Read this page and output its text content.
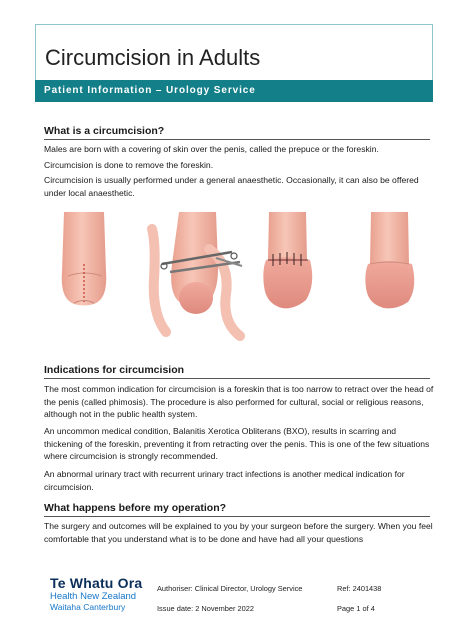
Circumcision in Adults
Patient Information – Urology Service
What is a circumcision?
Males are born with a covering of skin over the penis, called the prepuce or the foreskin.
Circumcision is done to remove the foreskin.
Circumcision is usually performed under a general anaesthetic. Occasionally, it can also be offered under local anaesthetic.
Indications for circumcision
The most common indication for circumcision is a foreskin that is too narrow to retract over the head of the penis (called phimosis). The procedure is also performed for cultural, social or religious reasons, although not in the public health system.
An uncommon medical condition, Balanitis Xerotica Obliterans (BXO), results in scarring and thickening of the foreskin, preventing it from retracting over the penis. This is one of the few situations where circumcision is strongly recommended.
An abnormal urinary tract with recurrent urinary tract infections is another medical indication for circumcision.
What happens before my operation?
The surgery and outcomes will be explained to you by your surgeon before the surgery. When you feel comfortable that you understand what is to be done and have had all your questions
Te Whatu Ora
Health New Zealand
Waitaha Canterbury
Authoriser: Clinical Director, Urology Service	Ref: 2401438
Issue date: 2 November 2022	Page 1 of 4
